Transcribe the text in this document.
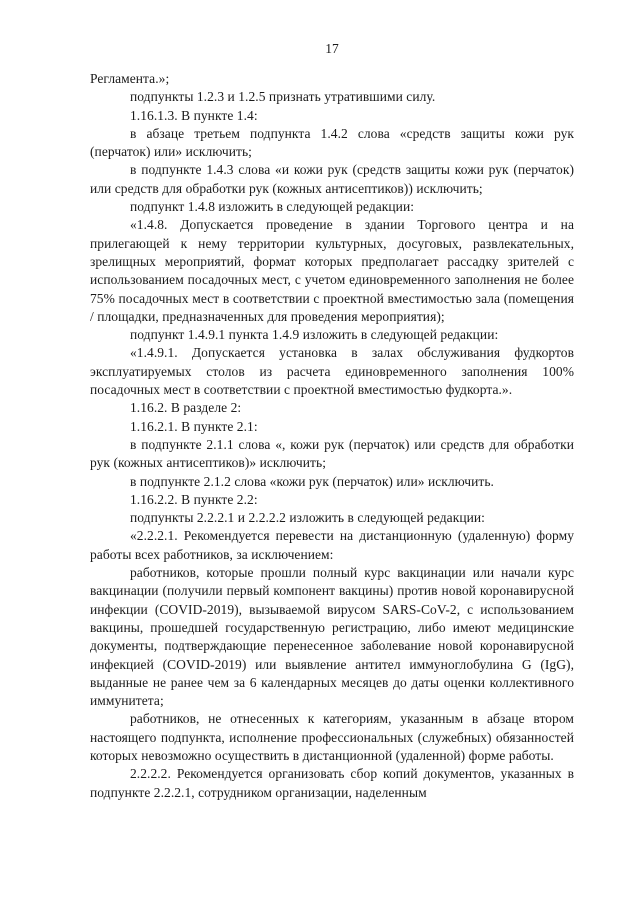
17

Регламента.»;

подпункты 1.2.3 и 1.2.5 признать утратившими силу.

1.16.1.3. В пункте 1.4:

в абзаце третьем подпункта 1.4.2 слова «средств защиты кожи рук (перчаток) или» исключить;

в подпункте 1.4.3 слова «и кожи рук (средств защиты кожи рук (перчаток) или средств для обработки рук (кожных антисептиков)) исключить;

подпункт 1.4.8 изложить в следующей редакции:

«1.4.8. Допускается проведение в здании Торгового центра и на прилегающей к нему территории культурных, досуговых, развлекательных, зрелищных мероприятий, формат которых предполагает рассадку зрителей с использованием посадочных мест, с учетом единовременного заполнения не более 75% посадочных мест в соответствии с проектной вместимостью зала (помещения / площадки, предназначенных для проведения мероприятия);

подпункт 1.4.9.1 пункта 1.4.9 изложить в следующей редакции:

«1.4.9.1. Допускается установка в залах обслуживания фудкортов эксплуатируемых столов из расчета единовременного заполнения 100% посадочных мест в соответствии с проектной вместимостью фудкорта.».

1.16.2. В разделе 2:

1.16.2.1. В пункте 2.1:

в подпункте 2.1.1 слова «, кожи рук (перчаток) или средств для обработки рук (кожных антисептиков)» исключить;

в подпункте 2.1.2 слова «кожи рук (перчаток) или» исключить.

1.16.2.2. В пункте 2.2:

подпункты 2.2.2.1 и 2.2.2.2 изложить в следующей редакции:

«2.2.2.1. Рекомендуется перевести на дистанционную (удаленную) форму работы всех работников, за исключением:

работников, которые прошли полный курс вакцинации или начали курс вакцинации (получили первый компонент вакцины) против новой коронавирусной инфекции (COVID-2019), вызываемой вирусом SARS-CoV-2, с использованием вакцины, прошедшей государственную регистрацию, либо имеют медицинские документы, подтверждающие перенесенное заболевание новой коронавирусной инфекцией (COVID-2019) или выявление антител иммуноглобулина G (IgG), выданные не ранее чем за 6 календарных месяцев до даты оценки коллективного иммунитета;

работников, не отнесенных к категориям, указанным в абзаце втором настоящего подпункта, исполнение профессиональных (служебных) обязанностей которых невозможно осуществить в дистанционной (удаленной) форме работы.

2.2.2.2. Рекомендуется организовать сбор копий документов, указанных в подпункте 2.2.2.1, сотрудником организации, наделенным
